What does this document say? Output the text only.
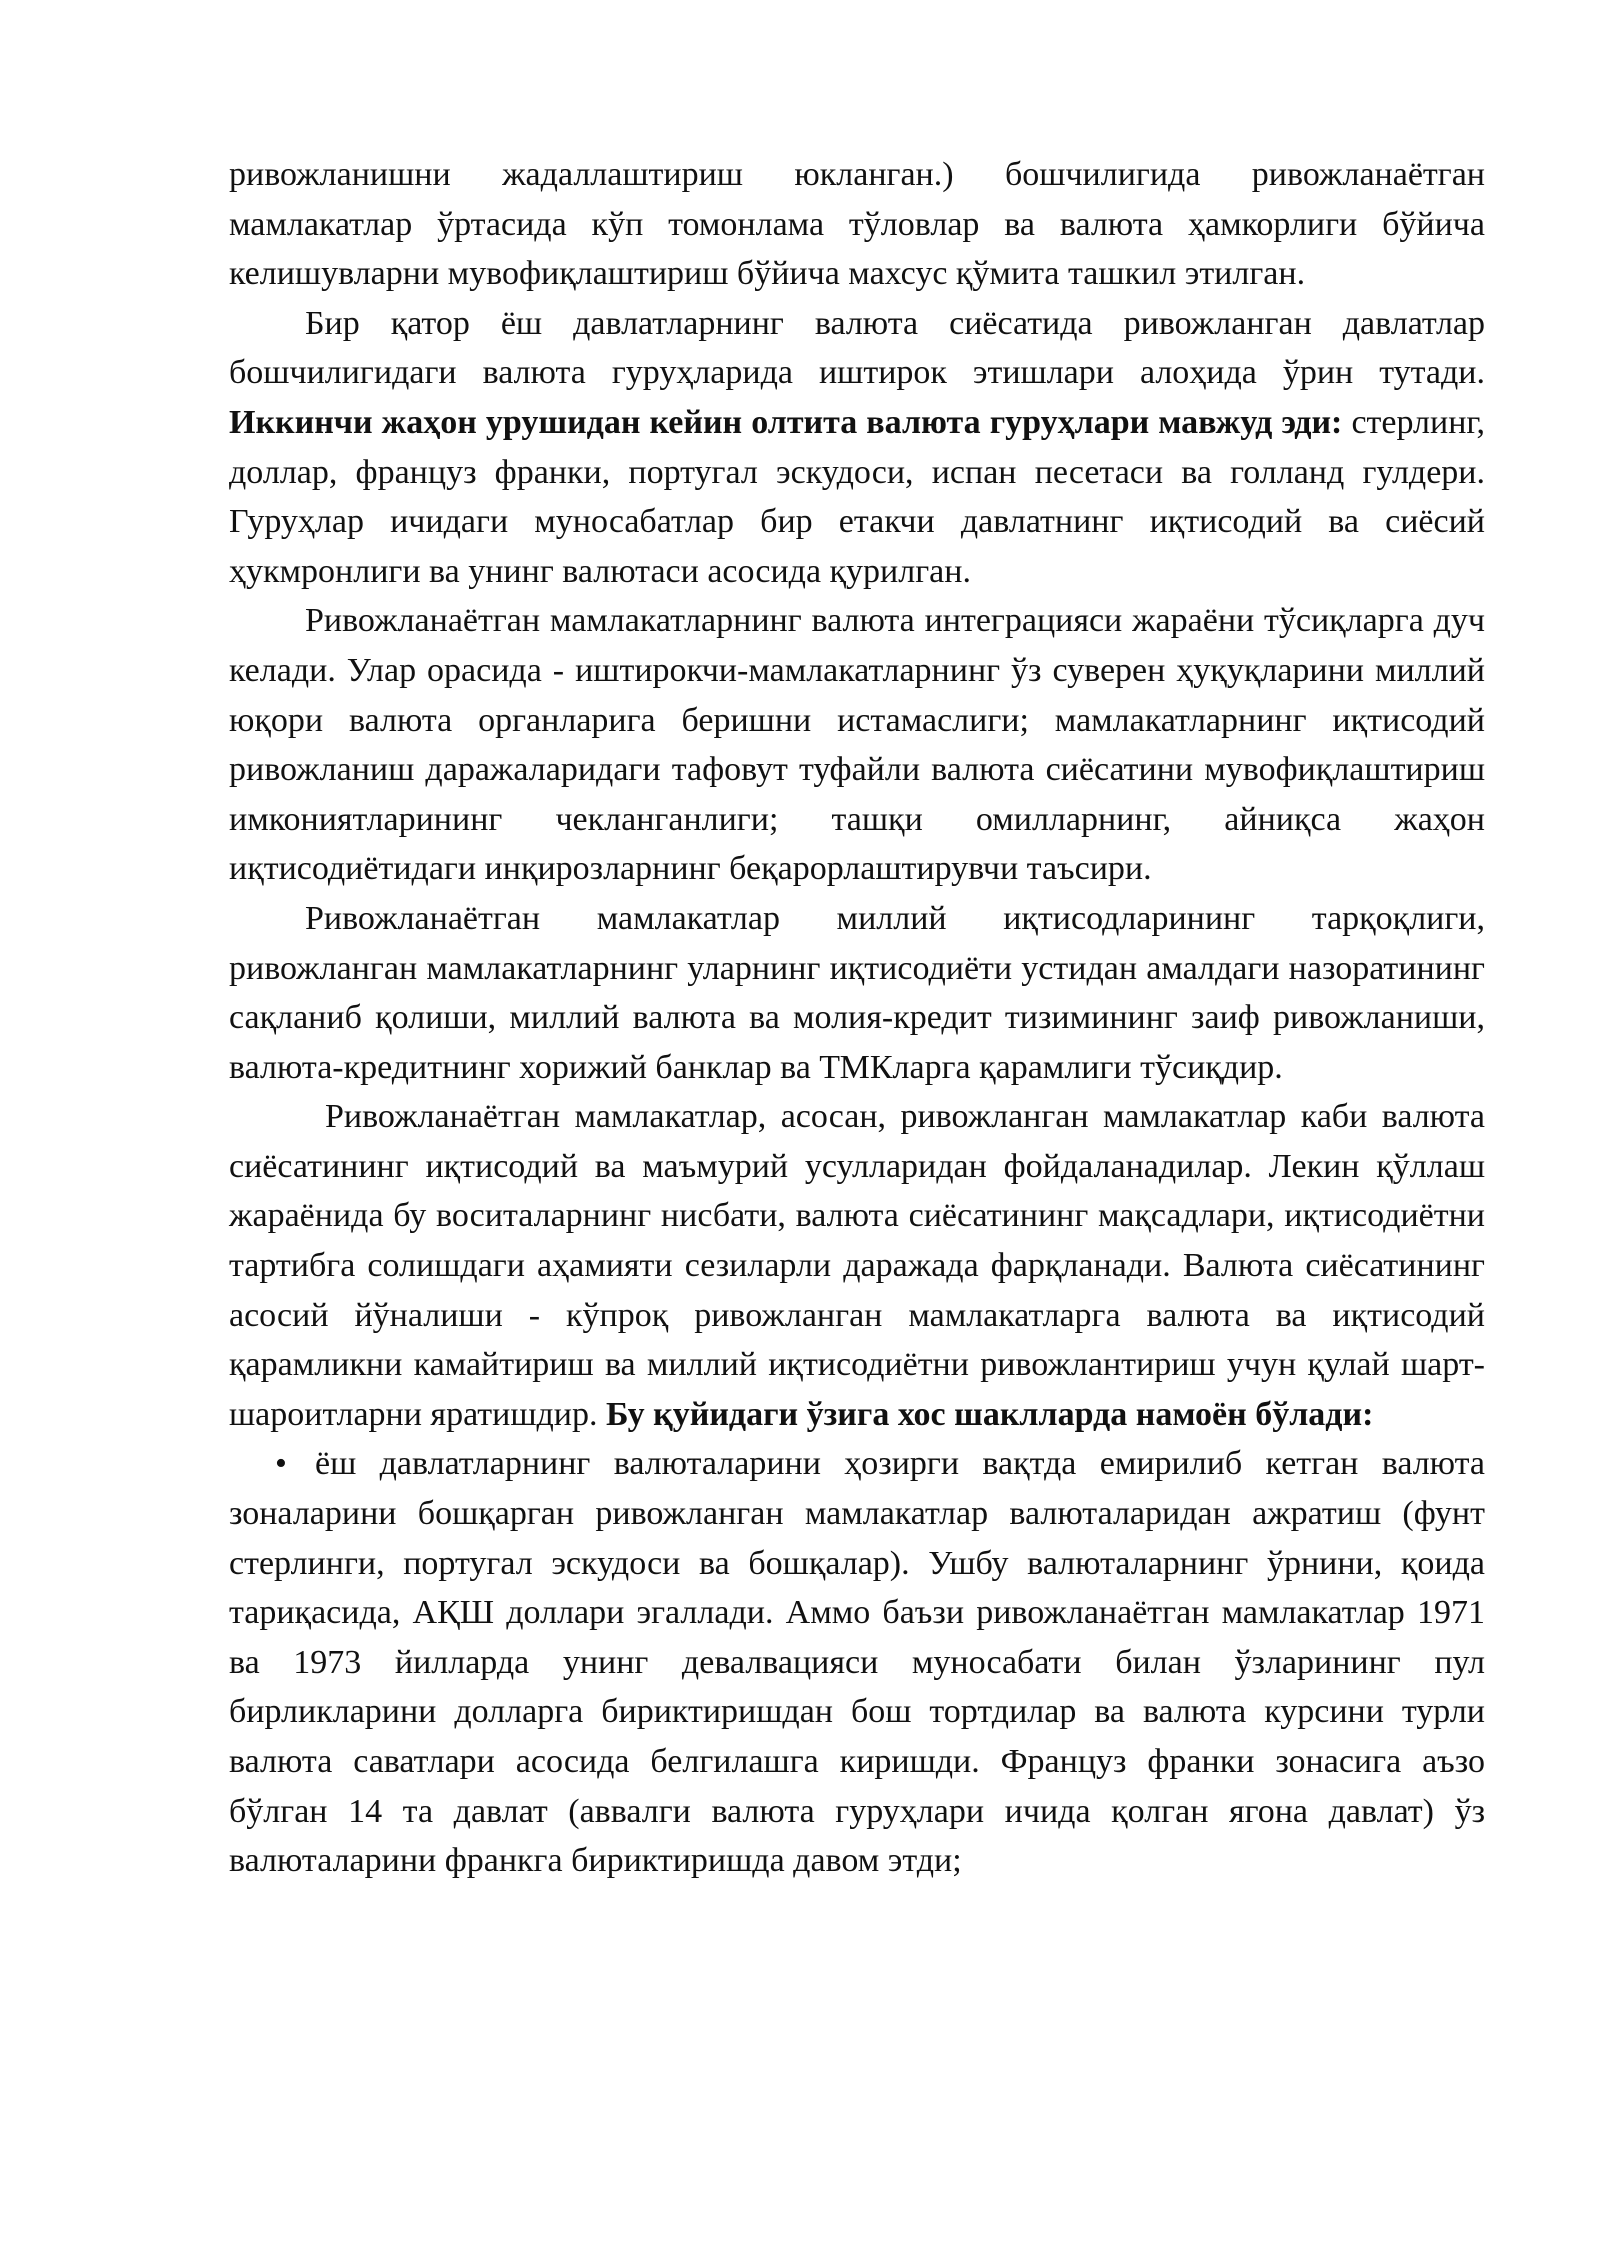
ривожланишни жадаллаштириш юкланган.) бошчилигида ривожланаётган мамлакатлар ўртасида кўп томонлама тўловлар ва валюта ҳамкорлиги бўйича келишувларни мувофиқлаштириш бўйича махсус қўмита ташкил этилган.

Бир қатор ёш давлатларнинг валюта сиёсатида ривожланган давлатлар бошчилигидаги валюта гуруҳларида иштирок этишлари алоҳида ўрин тутади. Иккинчи жаҳон урушидан кейин олтита валюта гуруҳлари мавжуд эди: стерлинг, доллар, француз франки, португал эскудоси, испан песетаси ва голланд гулдери. Гуруҳлар ичидаги муносабатлар бир етакчи давлатнинг иқтисодий ва сиёсий ҳукмронлиги ва унинг валютаси асосида қурилган.

Ривожланаётган мамлакатларнинг валюта интеграцияси жараёни тўсиқларга дуч келади. Улар орасида - иштирокчи-мамлакатларнинг ўз суверен ҳуқуқларини миллий юқори валюта органларига беришни истамаслиги; мамлакатларнинг иқтисодий ривожланиш даражаларидаги тафовут туфайли валюта сиёсатини мувофиқлаштириш имкониятларининг чекланганлиги; ташқи омилларнинг, айниқса жаҳон иқтисодиётидаги инқирозларнинг беқарорлаштирувчи таъсири.

Ривожланаётган мамлакатлар миллий иқтисодларининг тарқоқлиги, ривожланган мамлакатларнинг уларнинг иқтисодиёти устидан амалдаги назоратининг сақланиб қолиши, миллий валюта ва молия-кредит тизимининг заиф ривожланиши, валюта-кредитнинг хорижий банклар ва ТМКларга қарамлиги тўсиқдир.

Ривожланаётган мамлакатлар, асосан, ривожланган мамлакатлар каби валюта сиёсатининг иқтисодий ва маъмурий усулларидан фойдаланадилар. Лекин қўллаш жараёнида бу воситаларнинг нисбати, валюта сиёсатининг мақсадлари, иқтисодиётни тартибга солишдаги аҳамияти сезиларли даражада фарқланади. Валюта сиёсатининг асосий йўналиши - кўпроқ ривожланган мамлакатларга валюта ва иқтисодий қарамликни камайтириш ва миллий иқтисодиётни ривожлантириш учун қулай шарт-шароитларни яратишдир. Бу қуйидаги ўзига хос шаклларда намоён бўлади:

• ёш давлатларнинг валюталарини ҳозирги вақтда емирилиб кетган валюта зоналарини бошқарган ривожланган мамлакатлар валюталаридан ажратиш (фунт стерлинги, португал эскудоси ва бошқалар). Ушбу валюталарнинг ўрнини, қоида тариқасида, АҚШ доллари эгаллади. Аммо баъзи ривожланаётган мамлакатлар 1971 ва 1973 йилларда унинг девалвацияси муносабати билан ўзларининг пул бирликларини долларга бириктиришдан бош тортдилар ва валюта курсини турли валюта саватлари асосида белгилашга киришди. Француз франки зонасига аъзо бўлган 14 та давлат (аввалги валюта гуруҳлари ичида қолган ягона давлат) ўз валюталарини франкга бириктиришда давом этди;
